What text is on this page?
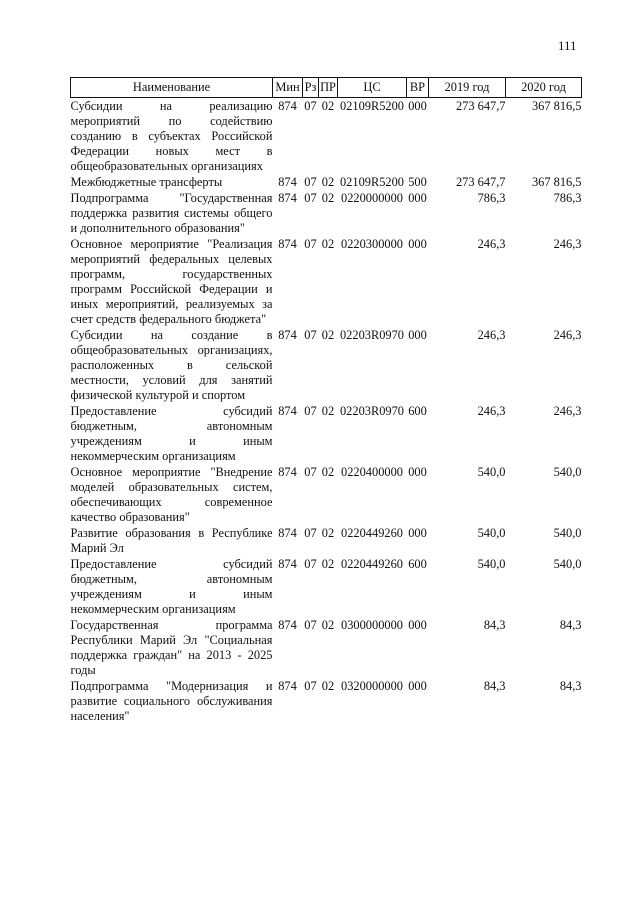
111
Наименование	Мин	Рз	ПР	ЦС	ВР	2019 год	2020 год
Субсидии на реализацию мероприятий по содействию созданию в субъектах Российской Федерации новых мест в общеобразовательных организациях	874	07	02	02109R5200	000	273 647,7	367 816,5
Межбюджетные трансферты	874	07	02	02109R5200	500	273 647,7	367 816,5
Подпрограмма "Государственная поддержка развития системы общего и дополнительного образования"	874	07	02	0220000000	000	786,3	786,3
Основное мероприятие "Реализация мероприятий федеральных целевых программ, государственных программ Российской Федерации и иных мероприятий, реализуемых за счет средств федерального бюджета"	874	07	02	0220300000	000	246,3	246,3
Субсидии на создание в общеобразовательных организациях, расположенных в сельской местности, условий для занятий физической культурой и спортом	874	07	02	02203R0970	000	246,3	246,3
Предоставление субсидий бюджетным, автономным учреждениям и иным некоммерческим организациям	874	07	02	02203R0970	600	246,3	246,3
Основное мероприятие "Внедрение моделей образовательных систем, обеспечивающих современное качество образования"	874	07	02	0220400000	000	540,0	540,0
Развитие образования в Республике Марий Эл	874	07	02	0220449260	000	540,0	540,0
Предоставление субсидий бюджетным, автономным учреждениям и иным некоммерческим организациям	874	07	02	0220449260	600	540,0	540,0
Государственная программа Республики Марий Эл "Социальная поддержка граждан" на 2013 - 2025 годы	874	07	02	0300000000	000	84,3	84,3
Подпрограмма "Модернизация и развитие социального обслуживания населения"	874	07	02	0320000000	000	84,3	84,3
